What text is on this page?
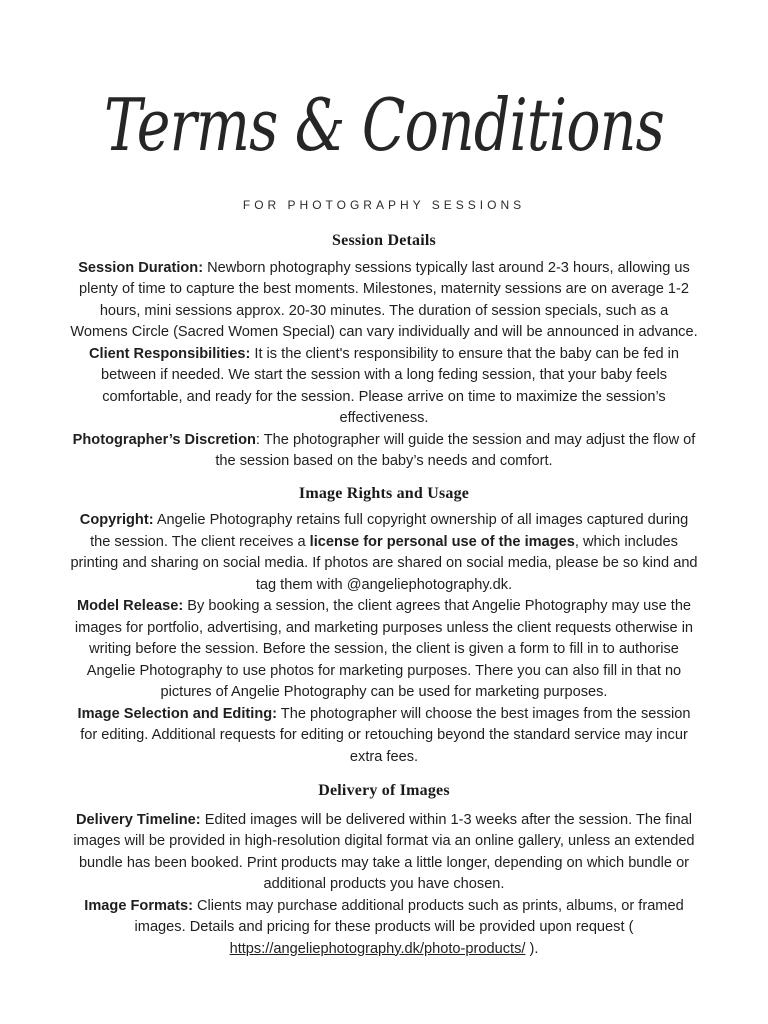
Terms & Conditions
FOR PHOTOGRAPHY SESSIONS
Session Details

Session Duration: Newborn photography sessions typically last around 2-3 hours, allowing us plenty of time to capture the best moments. Milestones, maternity sessions are on average 1-2 hours, mini sessions approx. 20-30 minutes. The duration of session specials, such as a Womens Circle (Sacred Women Special) can vary individually and will be announced in advance.

Client Responsibilities: It is the client's responsibility to ensure that the baby can be fed in between if needed. We start the session with a long feding session, that your baby feels comfortable, and ready for the session. Please arrive on time to maximize the session’s effectiveness.

Photographer’s Discretion: The photographer will guide the session and may adjust the flow of the session based on the baby’s needs and comfort.

Image Rights and Usage

Copyright: Angelie Photography retains full copyright ownership of all images captured during the session. The client receives a license for personal use of the images, which includes printing and sharing on social media. If photos are shared on social media, please be so kind and tag them with @angeliephotography.dk.

Model Release: By booking a session, the client agrees that Angelie Photography may use the images for portfolio, advertising, and marketing purposes unless the client requests otherwise in writing before the session. Before the session, the client is given a form to fill in to authorise Angelie Photography to use photos for marketing purposes. There you can also fill in that no pictures of Angelie Photography can be used for marketing purposes.

Image Selection and Editing: The photographer will choose the best images from the session for editing. Additional requests for editing or retouching beyond the standard service may incur extra fees.

Delivery of Images

Delivery Timeline: Edited images will be delivered within 1-3 weeks after the session. The final images will be provided in high-resolution digital format via an online gallery, unless an extended bundle has been booked. Print products may take a little longer, depending on which bundle or additional products you have chosen.

Image Formats: Clients may purchase additional products such as prints, albums, or framed images. Details and pricing for these products will be provided upon request ( https://angeliephotography.dk/photo-products/ ).
